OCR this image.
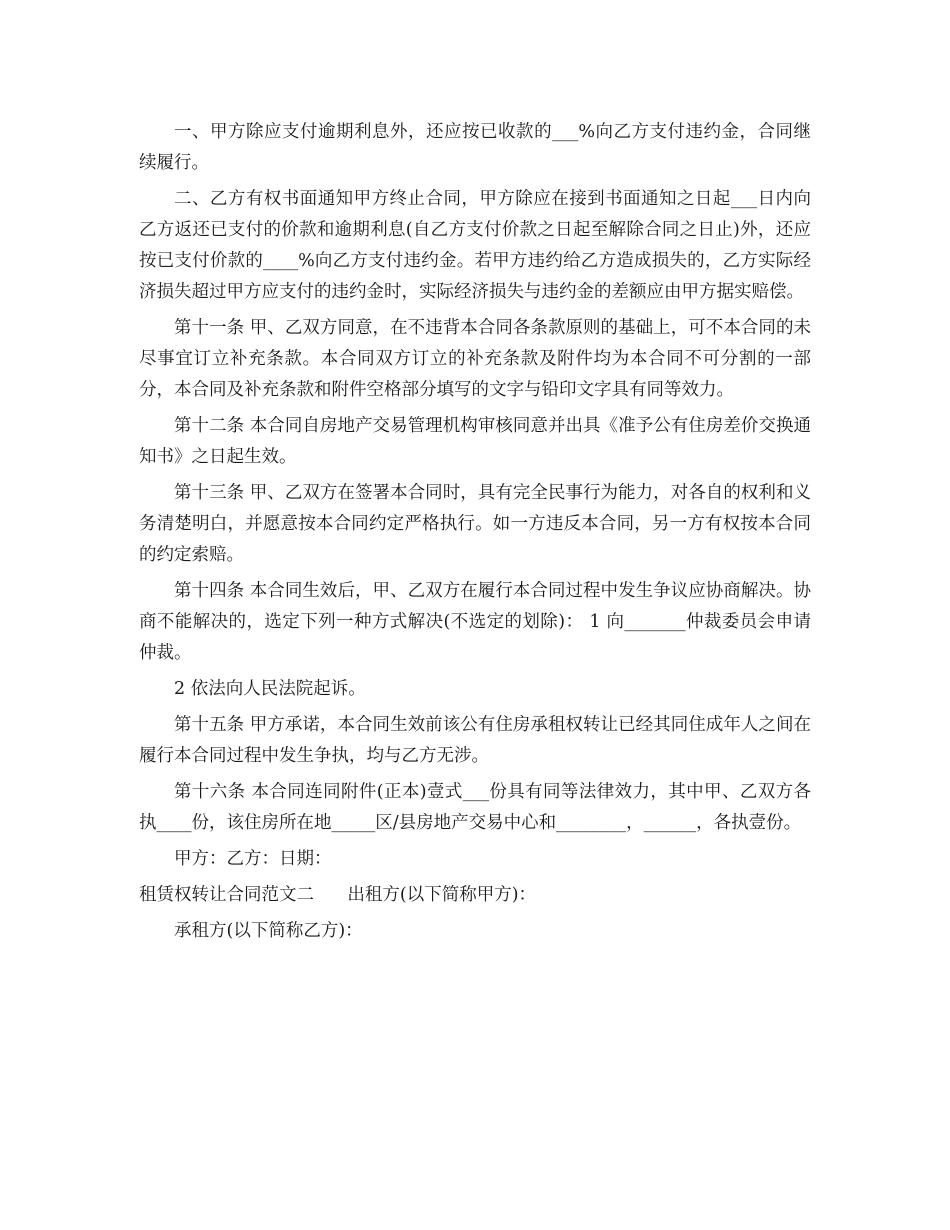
一、甲方除应支付逾期利息外，还应按已收款的___%向乙方支付违约金，合同继续履行。

二、乙方有权书面通知甲方终止合同，甲方除应在接到书面通知之日起___日内向乙方返还已支付的价款和逾期利息(自乙方支付价款之日起至解除合同之日止)外，还应按已支付价款的____%向乙方支付违约金。若甲方违约给乙方造成损失的，乙方实际经济损失超过甲方应支付的违约金时，实际经济损失与违约金的差额应由甲方据实赔偿。

第十一条 甲、乙双方同意，在不违背本合同各条款原则的基础上，可不本合同的未尽事宜订立补充条款。本合同双方订立的补充条款及附件均为本合同不可分割的一部分，本合同及补充条款和附件空格部分填写的文字与铅印文字具有同等效力。

第十二条 本合同自房地产交易管理机构审核同意并出具《准予公有住房差价交换通知书》之日起生效。

第十三条 甲、乙双方在签署本合同时，具有完全民事行为能力，对各自的权利和义务清楚明白，并愿意按本合同约定严格执行。如一方违反本合同，另一方有权按本合同的约定索赔。

第十四条 本合同生效后，甲、乙双方在履行本合同过程中发生争议应协商解决。协商不能解决的，选定下列一种方式解决(不选定的划除)： 1 向_______仲裁委员会申请仲裁。

2 依法向人民法院起诉。

第十五条 甲方承诺，本合同生效前该公有住房承租权转让已经其同住成年人之间在履行本合同过程中发生争执，均与乙方无涉。

第十六条 本合同连同附件(正本)壹式___份具有同等法律效力，其中甲、乙双方各执____份，该住房所在地_____区/县房地产交易中心和________，______，各执壹份。

甲方：乙方：日期：

租赁权转让合同范文二      出租方(以下简称甲方)：

承租方(以下简称乙方)：
